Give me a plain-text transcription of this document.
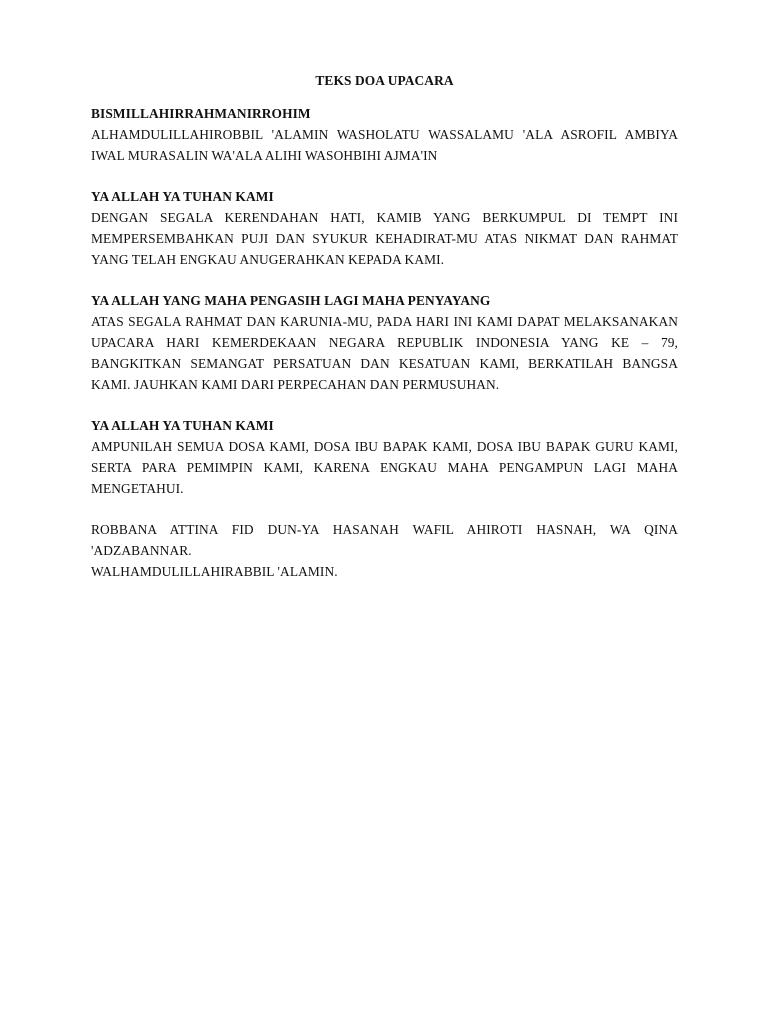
TEKS DOA UPACARA
BISMILLAHIRRAHMANIRROHIM
ALHAMDULILLAHIROBBIL 'ALAMIN WASHOLATU WASSALAMU 'ALA ASROFIL AMBIYA IWAL MURASALIN WA'ALA ALIHI WASOHBIHI AJMA'IN
YA ALLAH YA TUHAN KAMI
DENGAN SEGALA KERENDAHAN HATI, KAMIB YANG BERKUMPUL DI TEMPT INI MEMPERSEMBAHKAN PUJI DAN SYUKUR KEHADIRAT-MU ATAS NIKMAT DAN RAHMAT YANG TELAH ENGKAU ANUGERAHKAN KEPADA KAMI.
YA ALLAH YANG MAHA PENGASIH LAGI MAHA PENYAYANG
ATAS SEGALA RAHMAT DAN KARUNIA-MU, PADA HARI INI KAMI DAPAT MELAKSANAKAN UPACARA HARI KEMERDEKAAN NEGARA REPUBLIK INDONESIA YANG KE – 79, BANGKITKAN SEMANGAT PERSATUAN DAN KESATUAN KAMI, BERKATILAH BANGSA KAMI. JAUHKAN KAMI DARI PERPECAHAN DAN PERMUSUHAN.
YA ALLAH YA TUHAN KAMI
AMPUNILAH SEMUA DOSA KAMI, DOSA IBU BAPAK KAMI, DOSA IBU BAPAK GURU KAMI, SERTA PARA PEMIMPIN KAMI, KARENA ENGKAU MAHA PENGAMPUN LAGI MAHA MENGETAHUI.
ROBBANA ATTINA FID DUN-YA HASANAH WAFIL AHIROTI HASNAH, WA QINA 'ADZABANNAR.
WALHAMDULILLAHIRABBIL 'ALAMIN.
